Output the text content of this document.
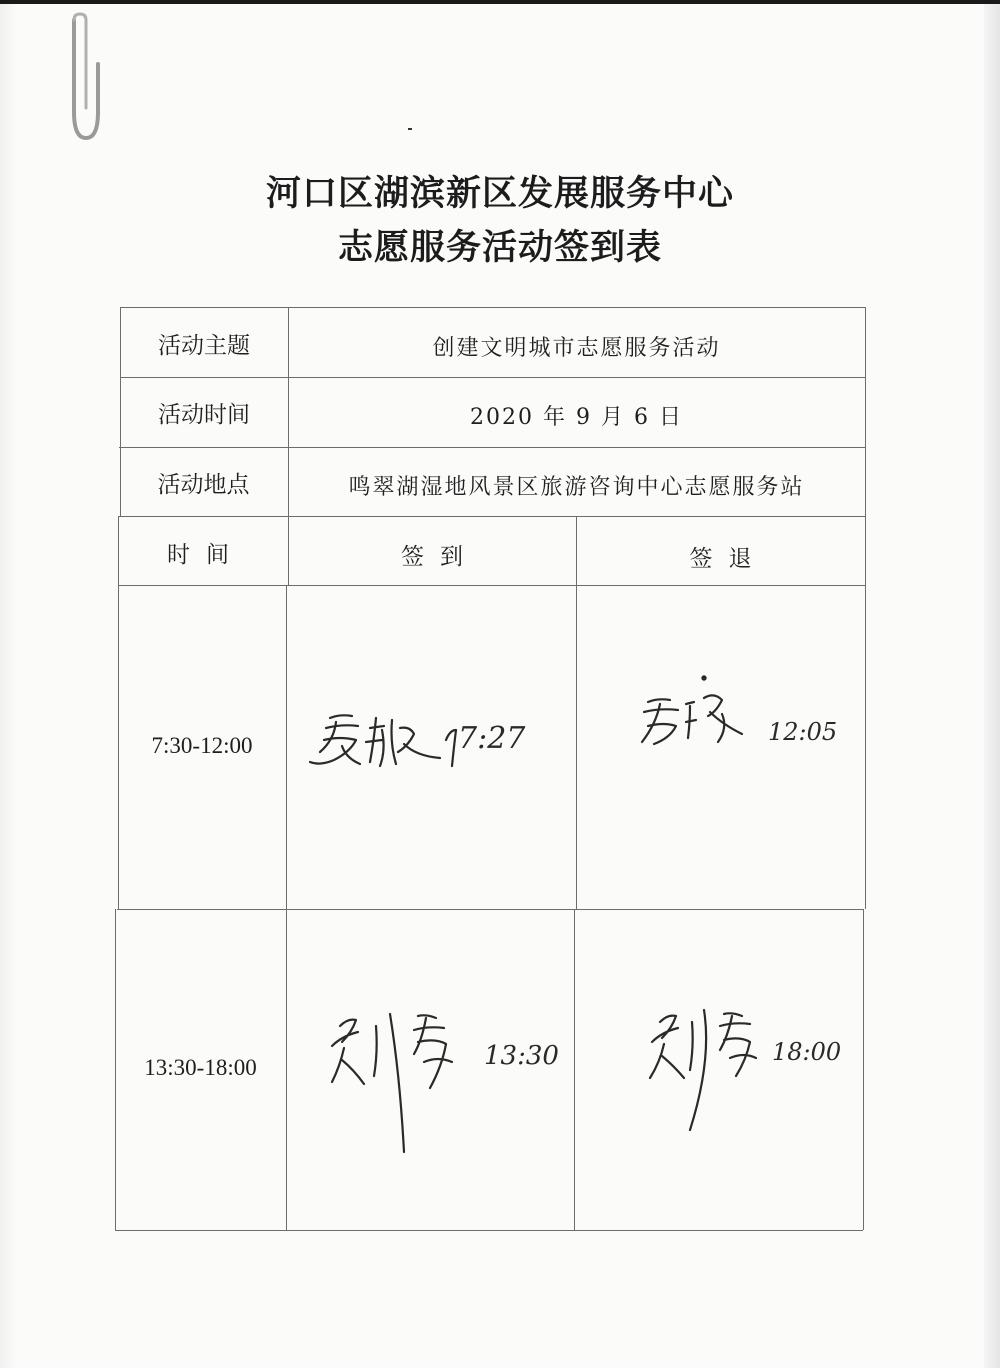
河口区湖滨新区发展服务中心
志愿服务活动签到表
活动主题	创建文明城市志愿服务活动
活动时间	2020 年 9 月 6 日
活动地点	鸣翠湖湿地风景区旅游咨询中心志愿服务站
时间	签到	签退
7:30-12:00	7:27	12:05
13:30-18:00	13:30	18:00
